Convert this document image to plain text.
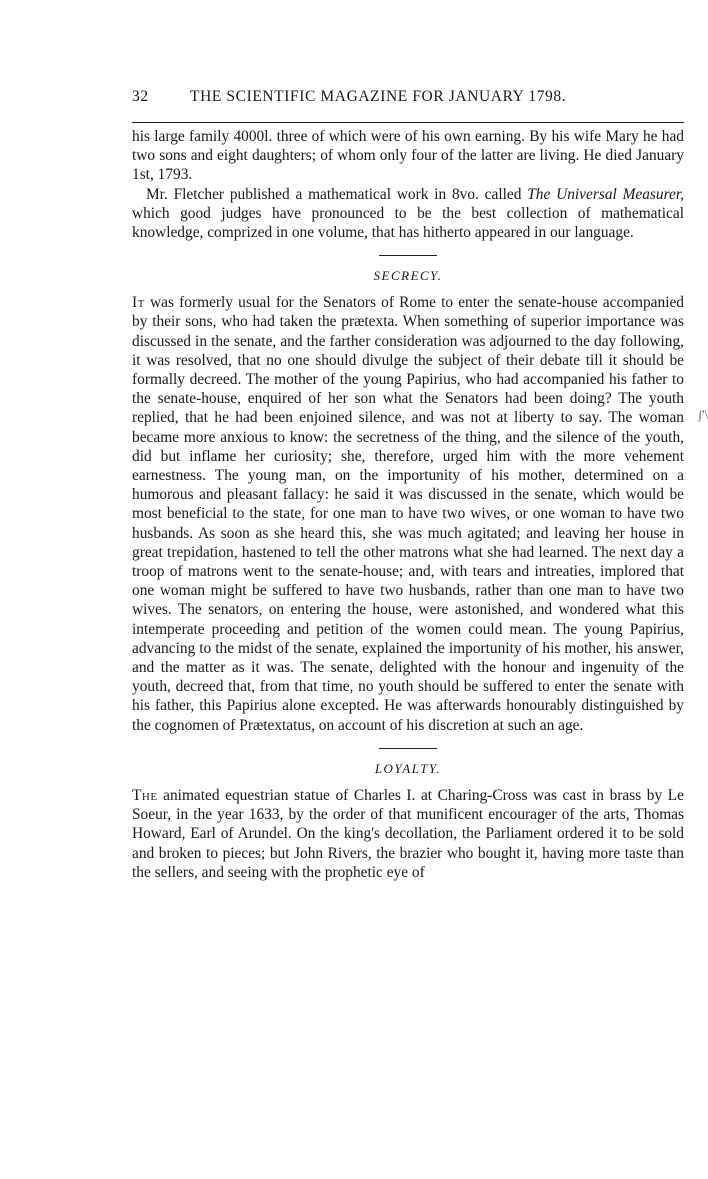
32	THE SCIENTIFIC MAGAZINE FOR JANUARY 1798.

his large family 4000l. three of which were of his own earning. By his wife Mary he had two sons and eight daughters; of whom only four of the latter are living. He died January 1st, 1793.

Mr. Fletcher published a mathematical work in 8vo. called The Universal Measurer, which good judges have pronounced to be the best collection of mathematical knowledge, comprized in one volume, that has hitherto appeared in our language.

SECRECY.

It was formerly usual for the Senators of Rome to enter the senate-house accompanied by their sons, who had taken the prætexta. When something of superior importance was discussed in the senate, and the farther consideration was adjourned to the day following, it was resolved, that no one should divulge the subject of their debate till it should be formally decreed. The mother of the young Papirius, who had accompanied his father to the senate-house, enquired of her son what the Senators had been doing? The youth replied, that he had been enjoined silence, and was not at liberty to say. The woman became more anxious to know: the secretness of the thing, and the silence of the youth, did but inflame her curiosity; she, therefore, urged him with the more vehement earnestness. The young man, on the importunity of his mother, determined on a humorous and pleasant fallacy: he said it was discussed in the senate, which would be most beneficial to the state, for one man to have two wives, or one woman to have two husbands. As soon as she heard this, she was much agitated; and leaving her house in great trepidation, hastened to tell the other matrons what she had learned. The next day a troop of matrons went to the senate-house; and, with tears and intreaties, implored that one woman might be suffered to have two husbands, rather than one man to have two wives. The senators, on entering the house, were astonished, and wondered what this intemperate proceeding and petition of the women could mean. The young Papirius, advancing to the midst of the senate, explained the importunity of his mother, his answer, and the matter as it was. The senate, delighted with the honour and ingenuity of the youth, decreed that, from that time, no youth should be suffered to enter the senate with his father, this Papirius alone excepted. He was afterwards honourably distinguished by the cognomen of Prætextatus, on account of his discretion at such an age.

LOYALTY.

The animated equestrian statue of Charles I. at Charing-Cross was cast in brass by Le Soeur, in the year 1633, by the order of that munificent encourager of the arts, Thomas Howard, Earl of Arundel. On the king's decollation, the Parliament ordered it to be sold and broken to pieces; but John Rivers, the brazier who bought it, having more taste than the sellers, and seeing with the prophetic eye of

ʃ'\
